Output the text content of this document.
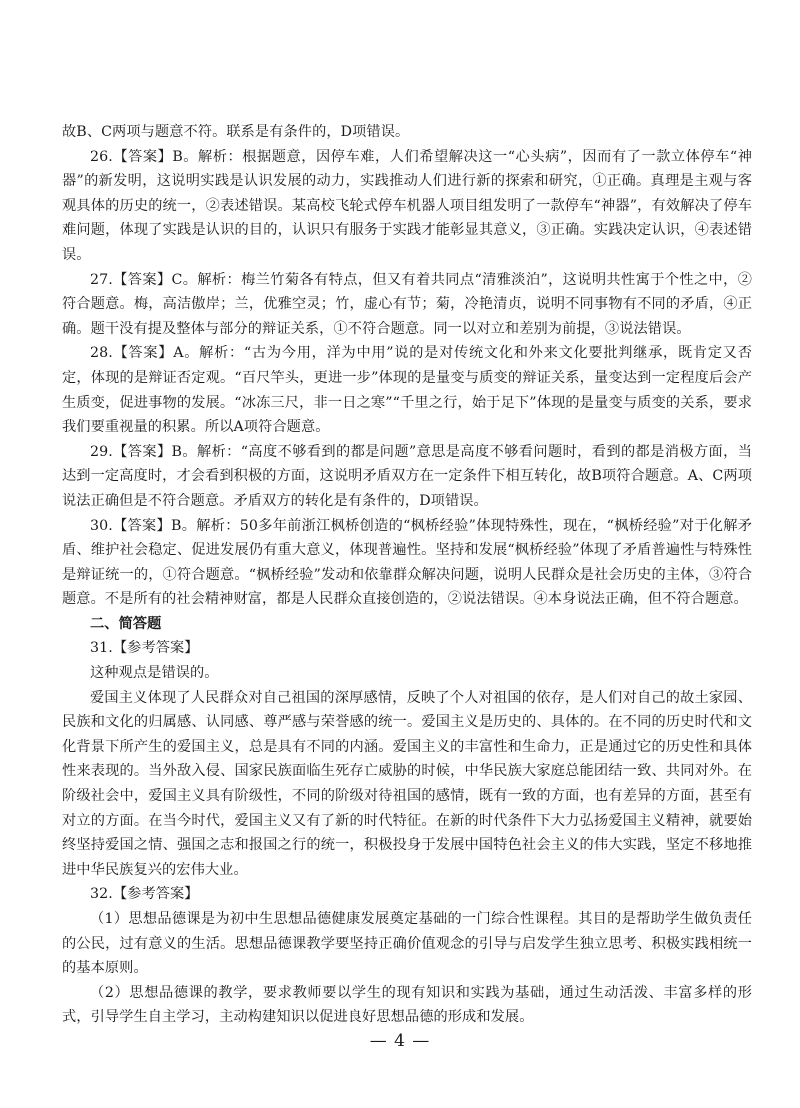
故B、C两项与题意不符。联系是有条件的，D项错误。

26.【答案】B。解析：根据题意，因停车难，人们希望解决这一“心头病”，因而有了一款立体停车“神器”的新发明，这说明实践是认识发展的动力，实践推动人们进行新的探索和研究，①正确。真理是主观与客观具体的历史的统一，②表述错误。某高校飞轮式停车机器人项目组发明了一款停车“神器”，有效解决了停车难问题，体现了实践是认识的目的，认识只有服务于实践才能彰显其意义，③正确。实践决定认识，④表述错误。

27.【答案】C。解析：梅兰竹菊各有特点，但又有着共同点“清雅淡泊”，这说明共性寓于个性之中，②符合题意。梅，高洁傲岸；兰，优雅空灵；竹，虚心有节；菊，冷艳清贞，说明不同事物有不同的矛盾，④正确。题干没有提及整体与部分的辩证关系，①不符合题意。同一以对立和差别为前提，③说法错误。

28.【答案】A。解析：“古为今用，洋为中用”说的是对传统文化和外来文化要批判继承，既肯定又否定，体现的是辩证否定观。“百尺竿头，更进一步”体现的是量变与质变的辩证关系，量变达到一定程度后会产生质变，促进事物的发展。“冰冻三尺，非一日之寒”“千里之行，始于足下”体现的是量变与质变的关系，要求我们要重视量的积累。所以A项符合题意。

29.【答案】B。解析：“高度不够看到的都是问题”意思是高度不够看问题时，看到的都是消极方面，当达到一定高度时，才会看到积极的方面，这说明矛盾双方在一定条件下相互转化，故B项符合题意。A、C两项说法正确但是不符合题意。矛盾双方的转化是有条件的，D项错误。

30.【答案】B。解析：50多年前浙江枫桥创造的“枫桥经验”体现特殊性，现在，“枫桥经验”对于化解矛盾、维护社会稳定、促进发展仍有重大意义，体现普遍性。坚持和发展“枫桥经验”体现了矛盾普遍性与特殊性是辩证统一的，①符合题意。“枫桥经验”发动和依靠群众解决问题，说明人民群众是社会历史的主体，③符合题意。不是所有的社会精神财富，都是人民群众直接创造的，②说法错误。④本身说法正确，但不符合题意。

二、简答题

31.【参考答案】

这种观点是错误的。

爱国主义体现了人民群众对自己祖国的深厚感情，反映了个人对祖国的依存，是人们对自己的故土家园、民族和文化的归属感、认同感、尊严感与荣誉感的统一。爱国主义是历史的、具体的。在不同的历史时代和文化背景下所产生的爱国主义，总是具有不同的内涵。爱国主义的丰富性和生命力，正是通过它的历史性和具体性来表现的。当外敌入侵、国家民族面临生死存亡威胁的时候，中华民族大家庭总能团结一致、共同对外。在阶级社会中，爱国主义具有阶级性，不同的阶级对待祖国的感情，既有一致的方面，也有差异的方面，甚至有对立的方面。在当今时代，爱国主义又有了新的时代特征。在新的时代条件下大力弘扬爱国主义精神，就要始终坚持爱国之情、强国之志和报国之行的统一，积极投身于发展中国特色社会主义的伟大实践，坚定不移地推进中华民族复兴的宏伟大业。

32.【参考答案】

（1）思想品德课是为初中生思想品德健康发展奠定基础的一门综合性课程。其目的是帮助学生做负责任的公民，过有意义的生活。思想品德课教学要坚持正确价值观念的引导与启发学生独立思考、积极实践相统一的基本原则。

（2）思想品德课的教学，要求教师要以学生的现有知识和实践为基础，通过生动活泼、丰富多样的形式，引导学生自主学习，主动构建知识以促进良好思想品德的形成和发展。

— 4 —
